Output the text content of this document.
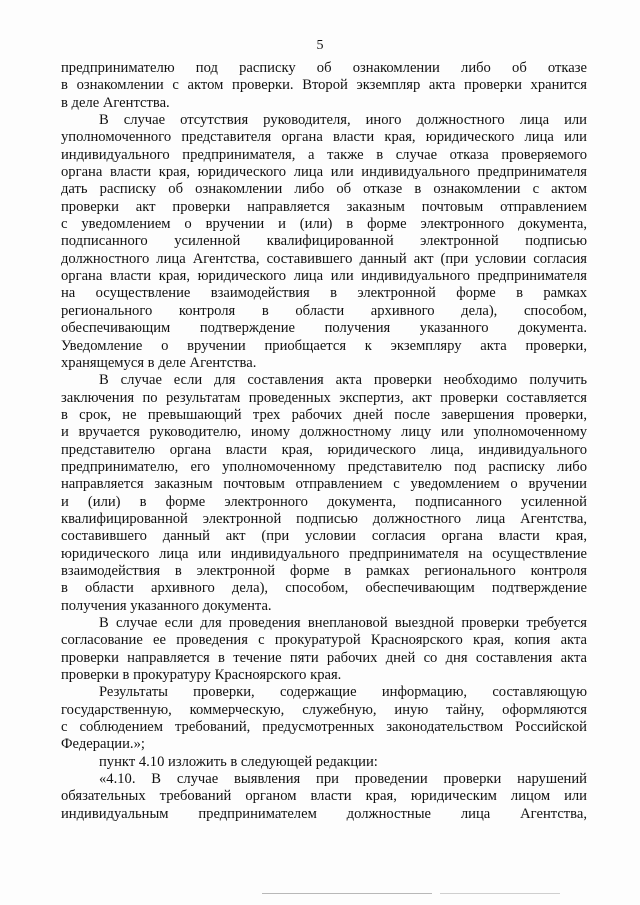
5
предпринимателю под расписку об ознакомлении либо об отказе
в ознакомлении с актом проверки. Второй экземпляр акта проверки хранится
в деле Агентства.
В случае отсутствия руководителя, иного должностного лица или
уполномоченного представителя органа власти края, юридического лица или
индивидуального предпринимателя, а также в случае отказа проверяемого
органа власти края, юридического лица или индивидуального предпринимателя
дать расписку об ознакомлении либо об отказе в ознакомлении с актом
проверки акт проверки направляется заказным почтовым отправлением
с уведомлением о вручении и (или) в форме электронного документа,
подписанного усиленной квалифицированной электронной подписью
должностного лица Агентства, составившего данный акт (при условии согласия
органа власти края, юридического лица или индивидуального предпринимателя
на осуществление взаимодействия в электронной форме в рамках
регионального контроля в области архивного дела), способом,
обеспечивающим подтверждение получения указанного документа.
Уведомление о вручении приобщается к экземпляру акта проверки,
хранящемуся в деле Агентства.
В случае если для составления акта проверки необходимо получить
заключения по результатам проведенных экспертиз, акт проверки составляется
в срок, не превышающий трех рабочих дней после завершения проверки,
и вручается руководителю, иному должностному лицу или уполномоченному
представителю органа власти края, юридического лица, индивидуального
предпринимателю, его уполномоченному представителю под расписку либо
направляется заказным почтовым отправлением с уведомлением о вручении
и (или) в форме электронного документа, подписанного усиленной
квалифицированной электронной подписью должностного лица Агентства,
составившего данный акт (при условии согласия органа власти края,
юридического лица или индивидуального предпринимателя на осуществление
взаимодействия в электронной форме в рамках регионального контроля
в области архивного дела), способом, обеспечивающим подтверждение
получения указанного документа.
В случае если для проведения внеплановой выездной проверки требуется
согласование ее проведения с прокуратурой Красноярского края, копия акта
проверки направляется в течение пяти рабочих дней со дня составления акта
проверки в прокуратуру Красноярского края.
Результаты проверки, содержащие информацию, составляющую
государственную, коммерческую, служебную, иную тайну, оформляются
с соблюдением требований, предусмотренных законодательством Российской
Федерации.»;
пункт 4.10 изложить в следующей редакции:
«4.10. В случае выявления при проведении проверки нарушений
обязательных требований органом власти края, юридическим лицом или
индивидуальным предпринимателем должностные лица Агентства,
